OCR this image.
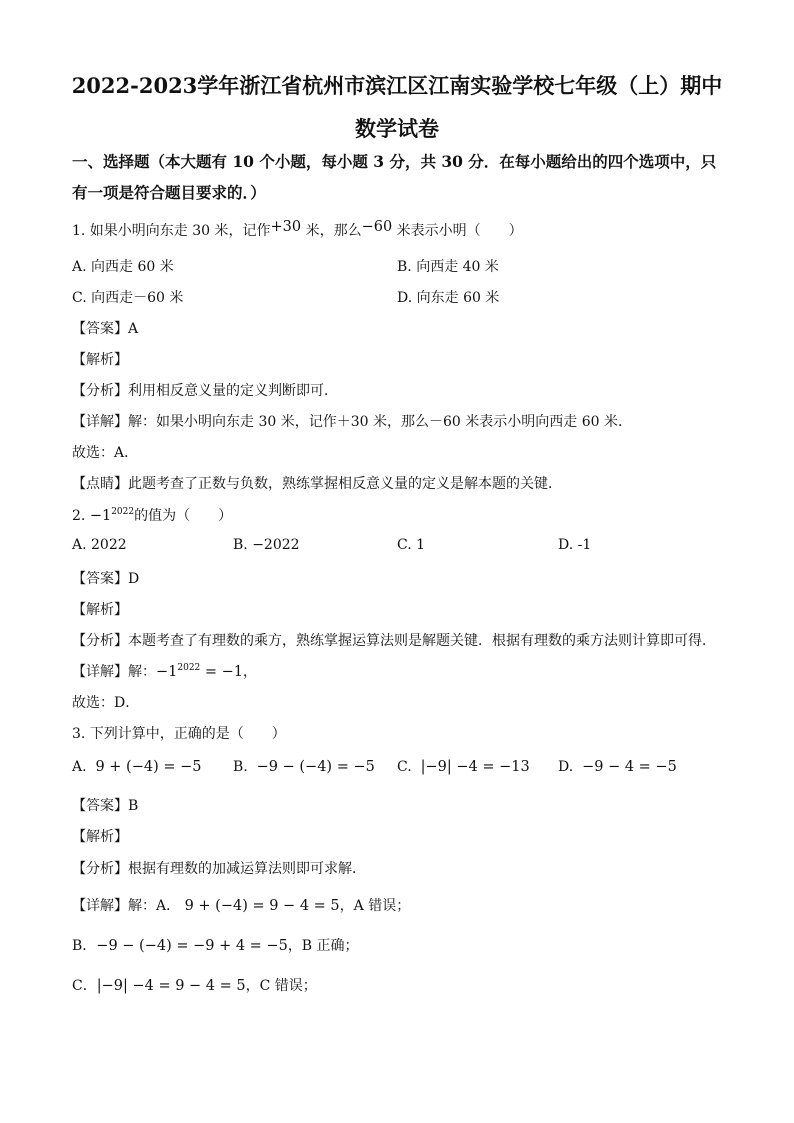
2022-2023学年浙江省杭州市滨江区江南实验学校七年级（上）期中
数学试卷
一、选择题（本大题有 10 个小题，每小题 3 分，共 30 分．在每小题给出的四个选项中，只
有一项是符合题目要求的．）
1. 如果小明向东走 30 米，记作+30 米，那么−60 米表示小明（　　）
A. 向西走 60 米	B. 向西走 40 米
C. 向西走－60 米	D. 向东走 60 米
【答案】A
【解析】
【分析】利用相反意义量的定义判断即可．
【详解】解：如果小明向东走 30 米，记作＋30 米，那么－60 米表示小明向西走 60 米．
故选：A．
【点睛】此题考查了正数与负数，熟练掌握相反意义量的定义是解本题的关键．
2. $-1^{2022}$的值为（　　）
A. 2022	B. −2022	C. 1	D. -1
【答案】D
【解析】
【分析】本题考查了有理数的乘方，熟练掌握运算法则是解题关键．根据有理数的乘方法则计算即可得．
【详解】解：$-1^{2022} = -1$，
故选：D．
3. 下列计算中，正确的是（　　）
A. 9 + (−4) = −5 B. −9 − (−4) = −5 C. |−9| −4 = −13 D. −9 − 4 = −5
【答案】B
【解析】
【分析】根据有理数的加减运算法则即可求解．
【详解】解：A． 9 + (−4) = 9 − 4 = 5，A 错误；
B．−9 − (−4) = −9 + 4 = −5，B 正确；
C．|−9| −4 = 9 − 4 = 5，C 错误；
